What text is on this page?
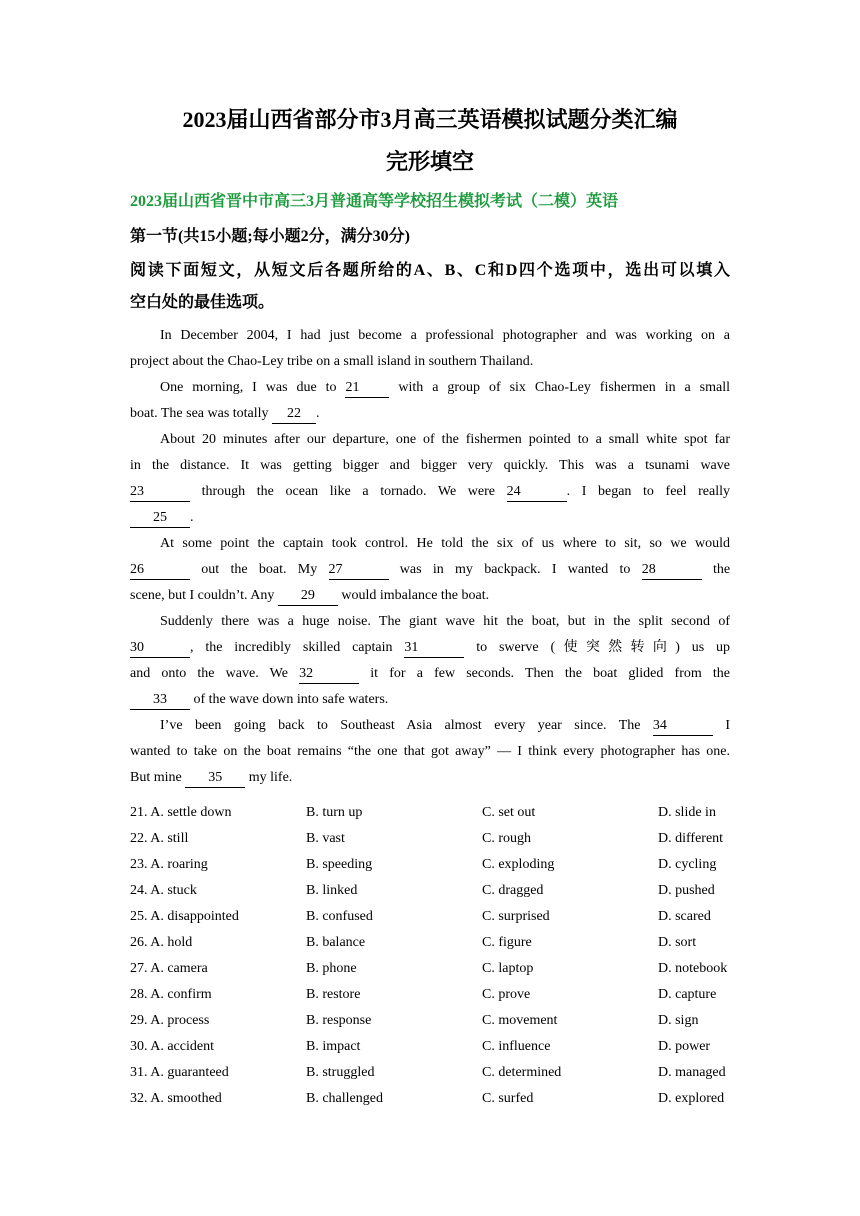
2023届山西省部分市3月高三英语模拟试题分类汇编
完形填空
2023届山西省晋中市高三3月普通高等学校招生模拟考试（二模）英语
第一节(共15小题;每小题2分，满分30分)
阅读下面短文，从短文后各题所给的A、B、C和D四个选项中，选出可以填入
空白处的最佳选项。
In December 2004, I had just become a professional photographer and was working on a
project about the Chao-Ley tribe on a small island in southern Thailand.
One morning, I was due to 21	with a group of six Chao-Ley fishermen in a small
boat. The sea was totally 22 .
About 20 minutes after our departure, one of the fishermen pointed to a small white spot far
in the distance. It was getting bigger and bigger very quickly. This was a tsunami wave
23	through the ocean like a tornado. We were 24	. I began to feel really
25 .
At some point the captain took control. He told the six of us where to sit, so we would
26	out the boat. My 27	was in my backpack. I wanted to 28	the
scene, but I couldn’t. Any 29 would imbalance the boat.
Suddenly there was a huge noise. The giant wave hit the boat, but in the split second of
30	, the incredibly skilled captain 31	to swerve (使突然转向) us up
and onto the wave. We 32	it for a few seconds. Then the boat glided from the
33 of the wave down into safe waters.
I’ve been going back to Southeast Asia almost every year since. The 34	I
wanted to take on the boat remains “the one that got away” — I think every photographer has one.
But mine 35 my life.
21. A. settle down	B. turn up	C. set out	D. slide in
22. A. still	B. vast	C. rough	D. different
23. A. roaring	B. speeding	C. exploding	D. cycling
24. A. stuck	B. linked	C. dragged	D. pushed
25. A. disappointed	B. confused	C. surprised	D. scared
26. A. hold	B. balance	C. figure	D. sort
27. A. camera	B. phone	C. laptop	D. notebook
28. A. confirm	B. restore	C. prove	D. capture
29. A. process	B. response	C. movement	D. sign
30. A. accident	B. impact	C. influence	D. power
31. A. guaranteed	B. struggled	C. determined	D. managed
32. A. smoothed	B. challenged	C. surfed	D. explored
